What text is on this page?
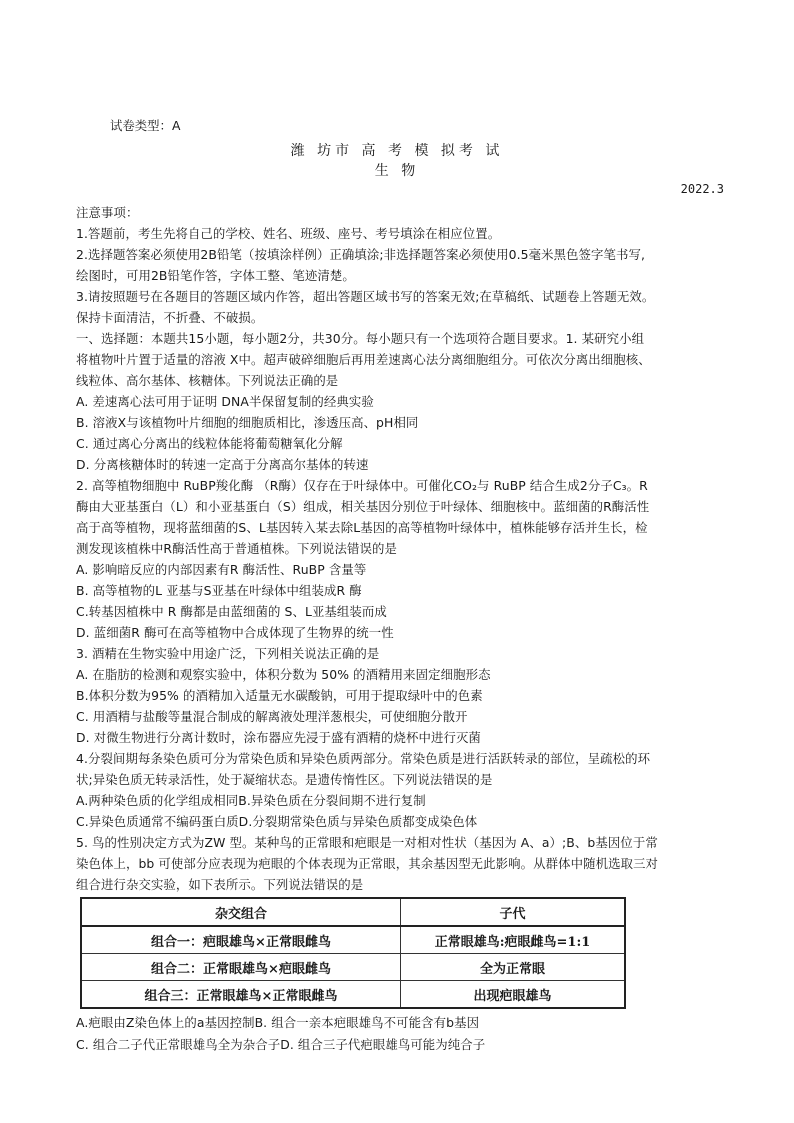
试卷类型：A
潍 坊市 高 考 模 拟考 试
生 物
2022.3
注意事项：
1.答题前，考生先将自己的学校、姓名、班级、座号、考号填涂在相应位置。
2.选择题答案必须使用2B铅笔（按填涂样例）正确填涂;非选择题答案必须使用0.5毫米黑色签字笔书写,
绘图时，可用2B铅笔作答，字体工整、笔迹清楚。
3.请按照题号在各题目的答题区域内作答，超出答题区域书写的答案无效;在草稿纸、试题卷上答题无效。
保持卡面清洁，不折叠、不破损。
一、选择题：本题共15小题，每小题2分，共30分。每小题只有一个选项符合题目要求。1. 某研究小组
将植物叶片置于适量的溶液 X中。超声破碎细胞后再用差速离心法分离细胞组分。可依次分离出细胞核、
线粒体、高尔基体、核糖体。下列说法正确的是
A. 差速离心法可用于证明 DNA半保留复制的经典实验
B. 溶液X与该植物叶片细胞的细胞质相比，渗透压高、pH相同
C. 通过离心分离出的线粒体能将葡萄糖氧化分解
D. 分离核糖体时的转速一定高于分离高尔基体的转速
2. 高等植物细胞中 RuBP羧化酶 （R酶）仅存在于叶绿体中。可催化CO₂与 RuBP 结合生成2分子C₃。R
酶由大亚基蛋白（L）和小亚基蛋白（S）组成，相关基因分别位于叶绿体、细胞核中。蓝细菌的R酶活性
高于高等植物，现将蓝细菌的S、L基因转入某去除L基因的高等植物叶绿体中，植株能够存活并生长，检
测发现该植株中R酶活性高于普通植株。下列说法错误的是
A. 影响暗反应的内部因素有R 酶活性、RuBP 含量等
B. 高等植物的L 亚基与S亚基在叶绿体中组装成R 酶
C.转基因植株中 R 酶都是由蓝细菌的 S、L亚基组装而成
D. 蓝细菌R 酶可在高等植物中合成体现了生物界的统一性
3. 酒精在生物实验中用途广泛，下列相关说法正确的是
A. 在脂肪的检测和观察实验中，体积分数为 50% 的酒精用来固定细胞形态
B.体积分数为95% 的酒精加入适量无水碳酸钠，可用于提取绿叶中的色素
C. 用酒精与盐酸等量混合制成的解离液处理洋葱根尖，可使细胞分散开
D. 对微生物进行分离计数时，涂布器应先浸于盛有酒精的烧杯中进行灭菌
4.分裂间期每条染色质可分为常染色质和异染色质两部分。常染色质是进行活跃转录的部位，呈疏松的环
状;异染色质无转录活性，处于凝缩状态。是遗传惰性区。下列说法错误的是
A.两种染色质的化学组成相同B.异染色质在分裂间期不进行复制
C.异染色质通常不编码蛋白质D.分裂期常染色质与异染色质都变成染色体
5. 鸟的性别决定方式为ZW 型。某种鸟的正常眼和疤眼是一对相对性状（基因为 A、a）;B、b基因位于常
染色体上，bb 可使部分应表现为疤眼的个体表现为正常眼，其余基因型无此影响。从群体中随机选取三对
组合进行杂交实验，如下表所示。下列说法错误的是
杂交组合	子代
组合一：疤眼雄鸟×正常眼雌鸟	正常眼雄鸟:疤眼雌鸟=1:1
组合二：正常眼雄鸟×疤眼雌鸟	全为正常眼
组合三：正常眼雄鸟×正常眼雌鸟	出现疤眼雄鸟
A.疤眼由Z染色体上的a基因控制B. 组合一亲本疤眼雄鸟不可能含有b基因
C. 组合二子代正常眼雄鸟全为杂合子D. 组合三子代疤眼雄鸟可能为纯合子
